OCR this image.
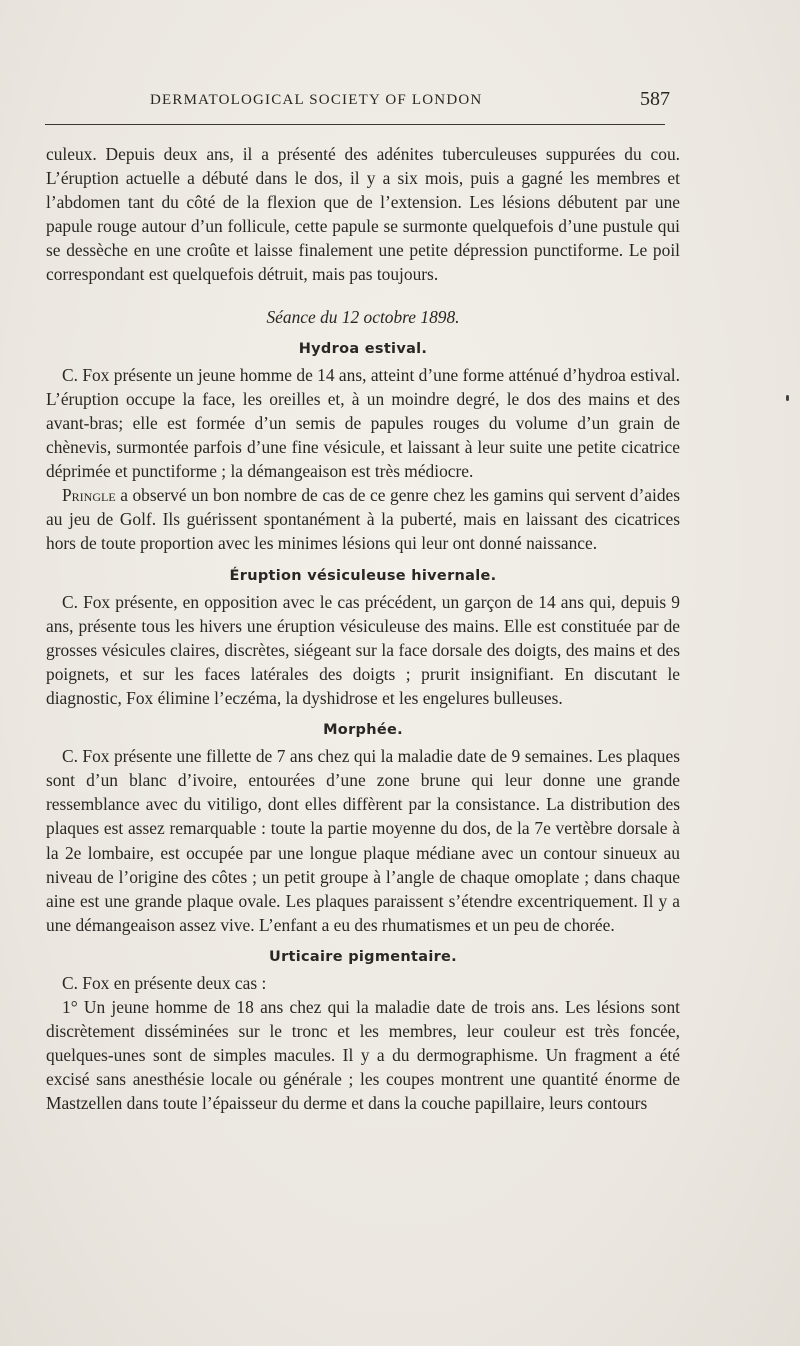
DERMATOLOGICAL SOCIETY OF LONDON	587

culeux. Depuis deux ans, il a présenté des adénites tuberculeuses suppurées du cou. L’éruption actuelle a débuté dans le dos, il y a six mois, puis a gagné les membres et l’abdomen tant du côté de la flexion que de l’extension. Les lésions débutent par une papule rouge autour d’un follicule, cette papule se surmonte quelquefois d’une pustule qui se dessèche en une croûte et laisse finalement une petite dépression punctiforme. Le poil correspondant est quelquefois détruit, mais pas toujours.

Séance du 12 octobre 1898.

Hydroa estival.

C. Fox présente un jeune homme de 14 ans, atteint d’une forme atténué d’hydroa estival. L’éruption occupe la face, les oreilles et, à un moindre degré, le dos des mains et des avant-bras; elle est formée d’un semis de papules rouges du volume d’un grain de chènevis, surmontée parfois d’une fine vésicule, et laissant à leur suite une petite cicatrice déprimée et punctiforme ; la démangeaison est très médiocre.

Pringle a observé un bon nombre de cas de ce genre chez les gamins qui servent d’aides au jeu de Golf. Ils guérissent spontanément à la puberté, mais en laissant des cicatrices hors de toute proportion avec les minimes lésions qui leur ont donné naissance.

Éruption vésiculeuse hivernale.

C. Fox présente, en opposition avec le cas précédent, un garçon de 14 ans qui, depuis 9 ans, présente tous les hivers une éruption vésiculeuse des mains. Elle est constituée par de grosses vésicules claires, discrètes, siégeant sur la face dorsale des doigts, des mains et des poignets, et sur les faces latérales des doigts ; prurit insignifiant. En discutant le diagnostic, Fox élimine l’eczéma, la dyshidrose et les engelures bulleuses.

Morphée.

C. Fox présente une fillette de 7 ans chez qui la maladie date de 9 semaines. Les plaques sont d’un blanc d’ivoire, entourées d’une zone brune qui leur donne une grande ressemblance avec du vitiligo, dont elles diffèrent par la consistance. La distribution des plaques est assez remarquable : toute la partie moyenne du dos, de la 7e vertèbre dorsale à la 2e lombaire, est occupée par une longue plaque médiane avec un contour sinueux au niveau de l’origine des côtes ; un petit groupe à l’angle de chaque omoplate ; dans chaque aine est une grande plaque ovale. Les plaques paraissent s’étendre excentriquement. Il y a une démangeaison assez vive. L’enfant a eu des rhumatismes et un peu de chorée.

Urticaire pigmentaire.

C. Fox en présente deux cas :

1° Un jeune homme de 18 ans chez qui la maladie date de trois ans. Les lésions sont discrètement disséminées sur le tronc et les membres, leur couleur est très foncée, quelques-unes sont de simples macules. Il y a du dermographisme. Un fragment a été excisé sans anesthésie locale ou générale ; les coupes montrent une quantité énorme de Mastzellen dans toute l’épaisseur du derme et dans la couche papillaire, leurs contours
